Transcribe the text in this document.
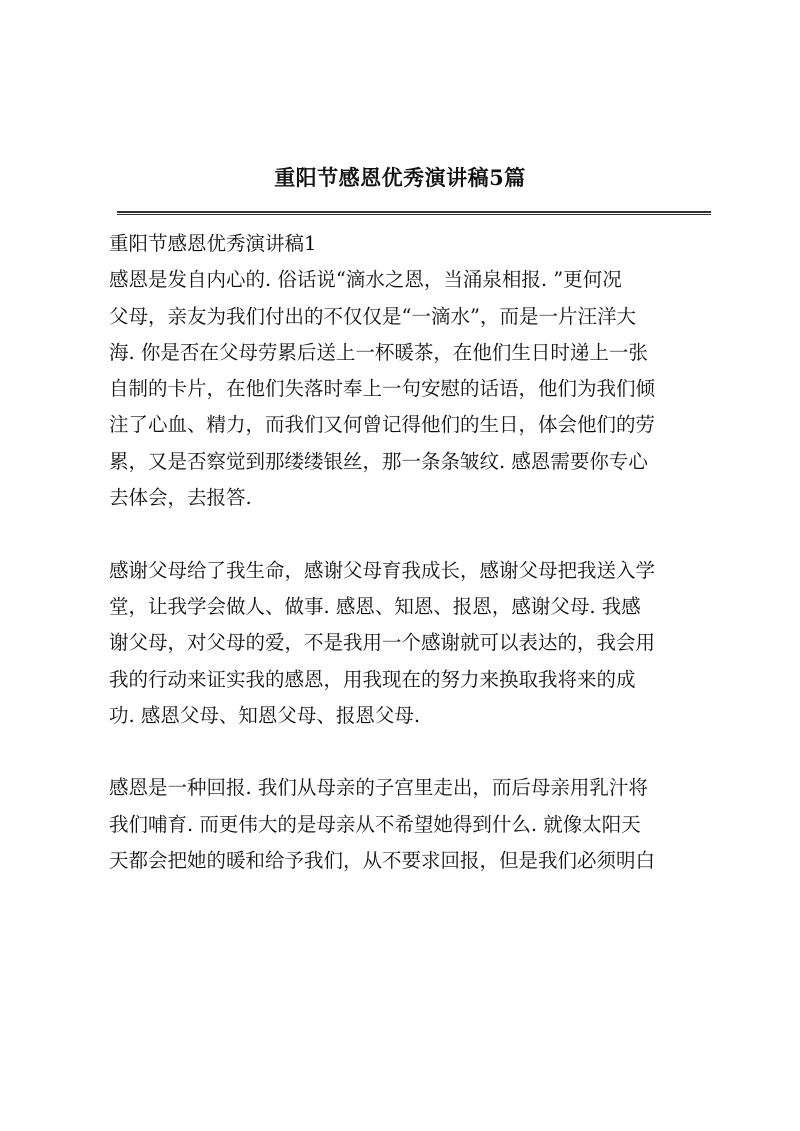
重阳节感恩优秀演讲稿5篇
重阳节感恩优秀演讲稿1
感恩是发自内心的. 俗话说“滴水之恩，当涌泉相报. ”更何况
父母，亲友为我们付出的不仅仅是“一滴水”，而是一片汪洋大
海. 你是否在父母劳累后送上一杯暖茶，在他们生日时递上一张
自制的卡片，在他们失落时奉上一句安慰的话语，他们为我们倾
注了心血、精力，而我们又何曾记得他们的生日，体会他们的劳
累，又是否察觉到那缕缕银丝，那一条条皱纹. 感恩需要你专心
去体会，去报答.
感谢父母给了我生命，感谢父母育我成长，感谢父母把我送入学
堂，让我学会做人、做事. 感恩、知恩、报恩，感谢父母. 我感
谢父母，对父母的爱，不是我用一个感谢就可以表达的，我会用
我的行动来证实我的感恩，用我现在的努力来换取我将来的成
功. 感恩父母、知恩父母、报恩父母.
感恩是一种回报. 我们从母亲的子宫里走出，而后母亲用乳汁将
我们哺育. 而更伟大的是母亲从不希望她得到什么. 就像太阳天
天都会把她的暖和给予我们，从不要求回报，但是我们必须明白
